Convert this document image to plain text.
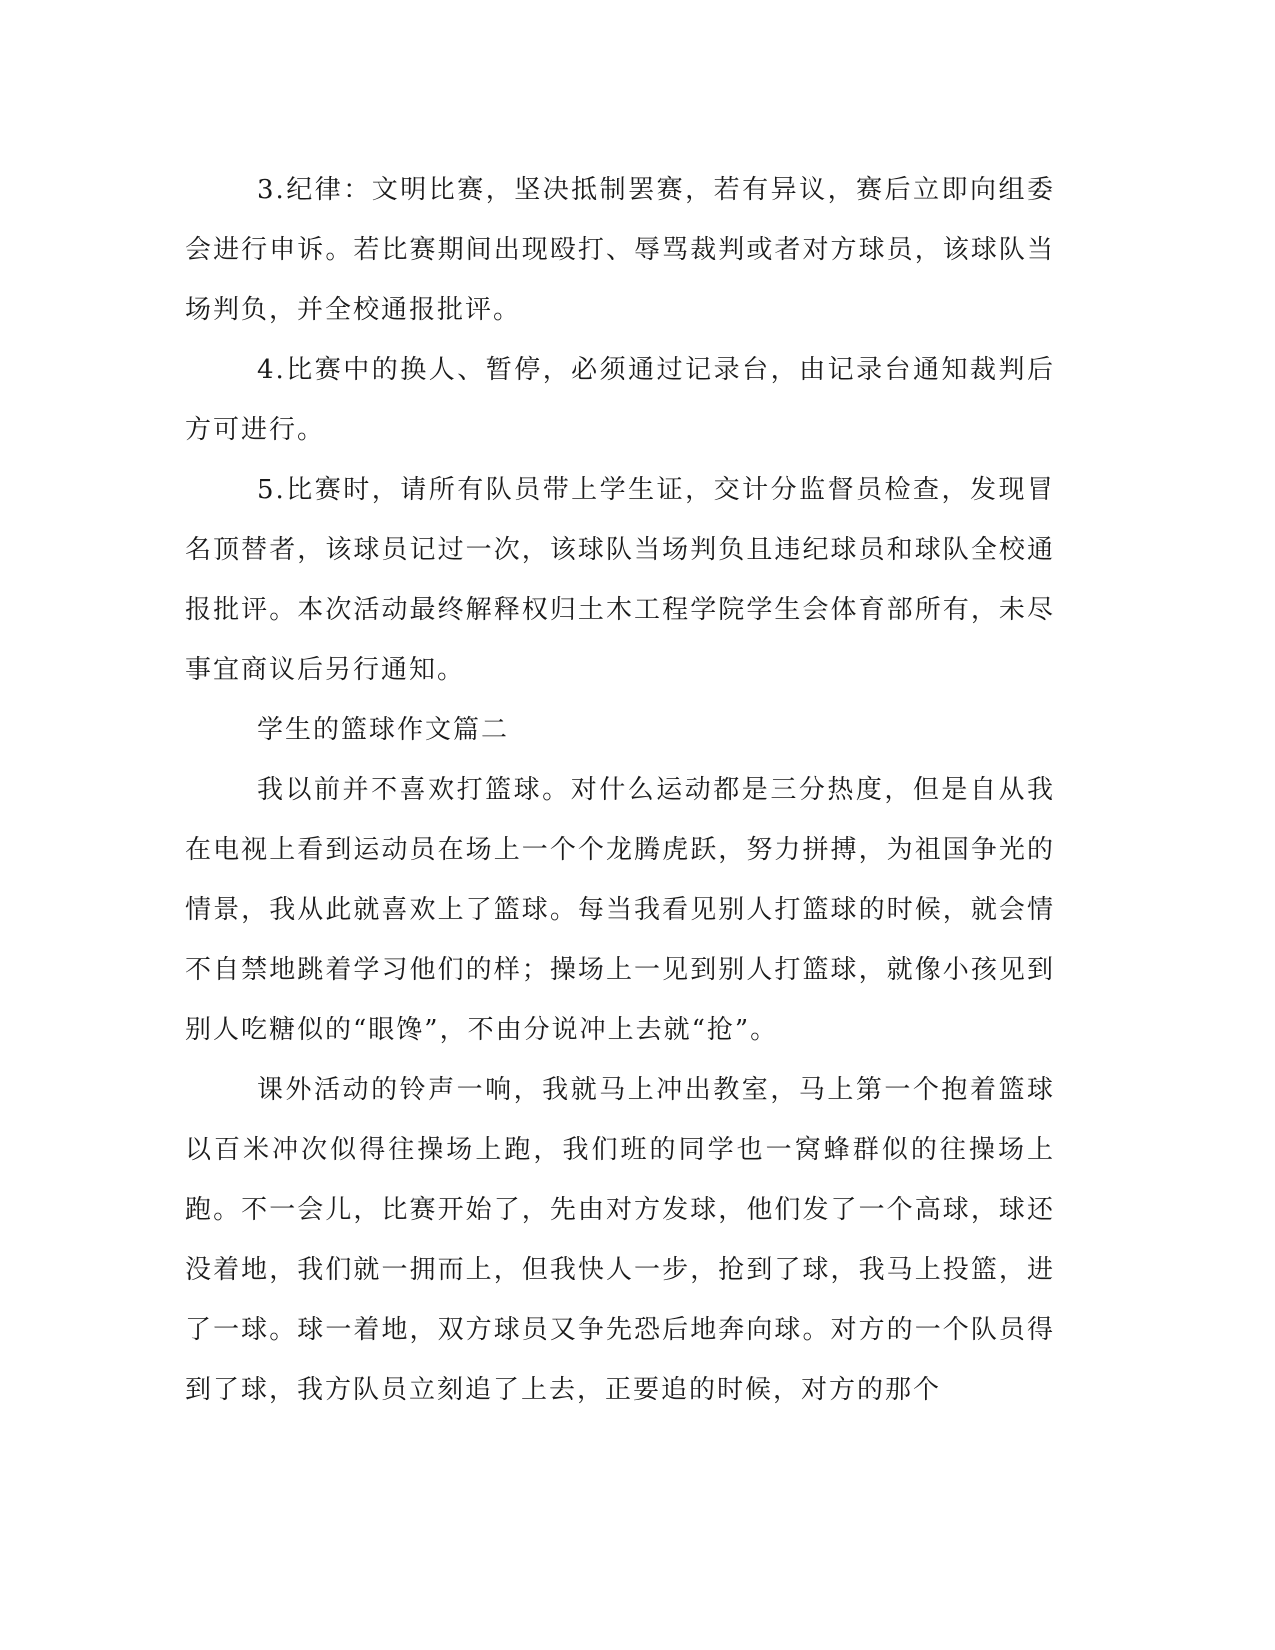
3.纪律：文明比赛，坚决抵制罢赛，若有异议，赛后立即向组委会进行申诉。若比赛期间出现殴打、辱骂裁判或者对方球员，该球队当场判负，并全校通报批评。

4.比赛中的换人、暂停，必须通过记录台，由记录台通知裁判后方可进行。

5.比赛时，请所有队员带上学生证，交计分监督员检查，发现冒名顶替者，该球员记过一次，该球队当场判负且违纪球员和球队全校通报批评。本次活动最终解释权归土木工程学院学生会体育部所有，未尽事宜商议后另行通知。

学生的篮球作文篇二

我以前并不喜欢打篮球。对什么运动都是三分热度，但是自从我在电视上看到运动员在场上一个个龙腾虎跃，努力拼搏，为祖国争光的情景，我从此就喜欢上了篮球。每当我看见别人打篮球的时候，就会情不自禁地跳着学习他们的样；操场上一见到别人打篮球，就像小孩见到别人吃糖似的“眼馋”，不由分说冲上去就“抢”。

课外活动的铃声一响，我就马上冲出教室，马上第一个抱着篮球以百米冲次似得往操场上跑，我们班的同学也一窝蜂群似的往操场上跑。不一会儿，比赛开始了，先由对方发球，他们发了一个高球，球还没着地，我们就一拥而上，但我快人一步，抢到了球，我马上投篮，进了一球。球一着地，双方球员又争先恐后地奔向球。对方的一个队员得到了球，我方队员立刻追了上去，正要追的时候，对方的那个
